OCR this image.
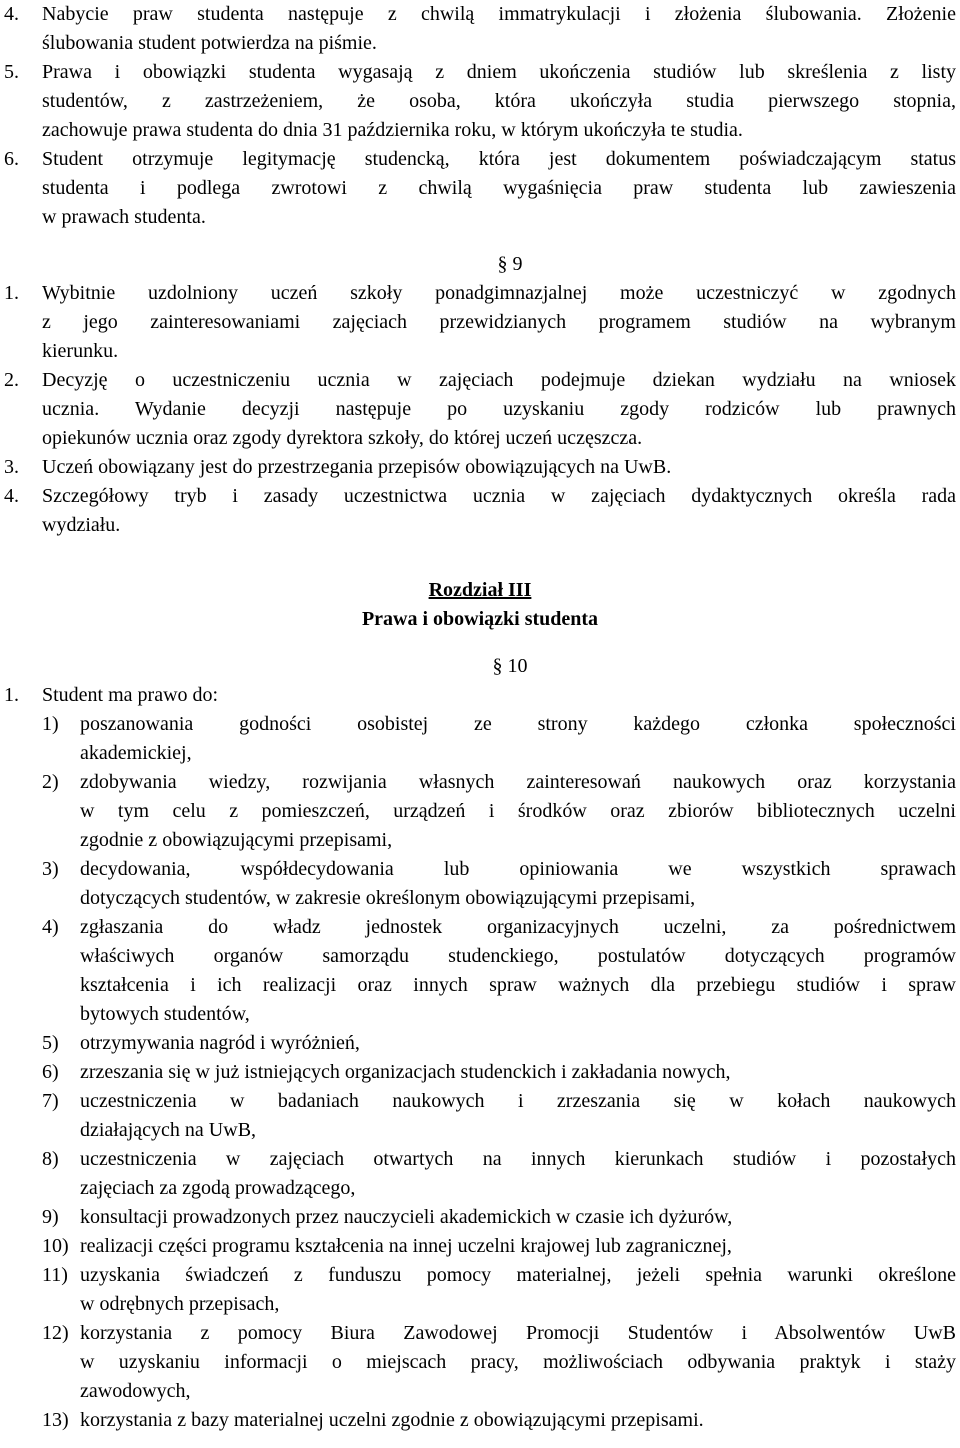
4. Nabycie praw studenta następuje z chwilą immatrykulacji i złożenia ślubowania. Złożenie
ślubowania student potwierdza na piśmie.
5. Prawa i obowiązki studenta wygasają z dniem ukończenia studiów lub skreślenia z listy
studentów, z zastrzeżeniem, że osoba, która ukończyła studia pierwszego stopnia,
zachowuje prawa studenta do dnia 31 października roku, w którym ukończyła te studia.
6. Student otrzymuje legitymację studencką, która jest dokumentem poświadczającym status
studenta i podlega zwrotowi z chwilą wygaśnięcia praw studenta lub zawieszenia
w prawach studenta.
§ 9
1. Wybitnie uzdolniony uczeń szkoły ponadgimnazjalnej może uczestniczyć w zgodnych
z jego zainteresowaniami zajęciach przewidzianych programem studiów na wybranym
kierunku.
2. Decyzję o uczestniczeniu ucznia w zajęciach podejmuje dziekan wydziału na wniosek
ucznia. Wydanie decyzji następuje po uzyskaniu zgody rodziców lub prawnych
opiekunów ucznia oraz zgody dyrektora szkoły, do której uczeń uczęszcza.
3. Uczeń obowiązany jest do przestrzegania przepisów obowiązujących na UwB.
4. Szczegółowy tryb i zasady uczestnictwa ucznia w zajęciach dydaktycznych określa rada
wydziału.
Rozdział III
Prawa i obowiązki studenta
§ 10
1. Student ma prawo do:
1) poszanowania godności osobistej ze strony każdego członka społeczności
akademickiej,
2) zdobywania wiedzy, rozwijania własnych zainteresowań naukowych oraz korzystania
w tym celu z pomieszczeń, urządzeń i środków oraz zbiorów bibliotecznych uczelni
zgodnie z obowiązującymi przepisami,
3) decydowania, współdecydowania lub opiniowania we wszystkich sprawach
dotyczących studentów, w zakresie określonym obowiązującymi przepisami,
4) zgłaszania do władz jednostek organizacyjnych uczelni, za pośrednictwem
właściwych organów samorządu studenckiego, postulatów dotyczących programów
kształcenia i ich realizacji oraz innych spraw ważnych dla przebiegu studiów i spraw
bytowych studentów,
5) otrzymywania nagród i wyróżnień,
6) zrzeszania się w już istniejących organizacjach studenckich i zakładania nowych,
7) uczestniczenia w badaniach naukowych i zrzeszania się w kołach naukowych
działających na UwB,
8) uczestniczenia w zajęciach otwartych na innych kierunkach studiów i pozostałych
zajęciach za zgodą prowadzącego,
9) konsultacji prowadzonych przez nauczycieli akademickich w czasie ich dyżurów,
10) realizacji części programu kształcenia na innej uczelni krajowej lub zagranicznej,
11) uzyskania świadczeń z funduszu pomocy materialnej, jeżeli spełnia warunki określone
w odrębnych przepisach,
12) korzystania z pomocy Biura Zawodowej Promocji Studentów i Absolwentów UwB
w uzyskaniu informacji o miejscach pracy, możliwościach odbywania praktyk i staży
zawodowych,
13) korzystania z bazy materialnej uczelni zgodnie z obowiązującymi przepisami.
